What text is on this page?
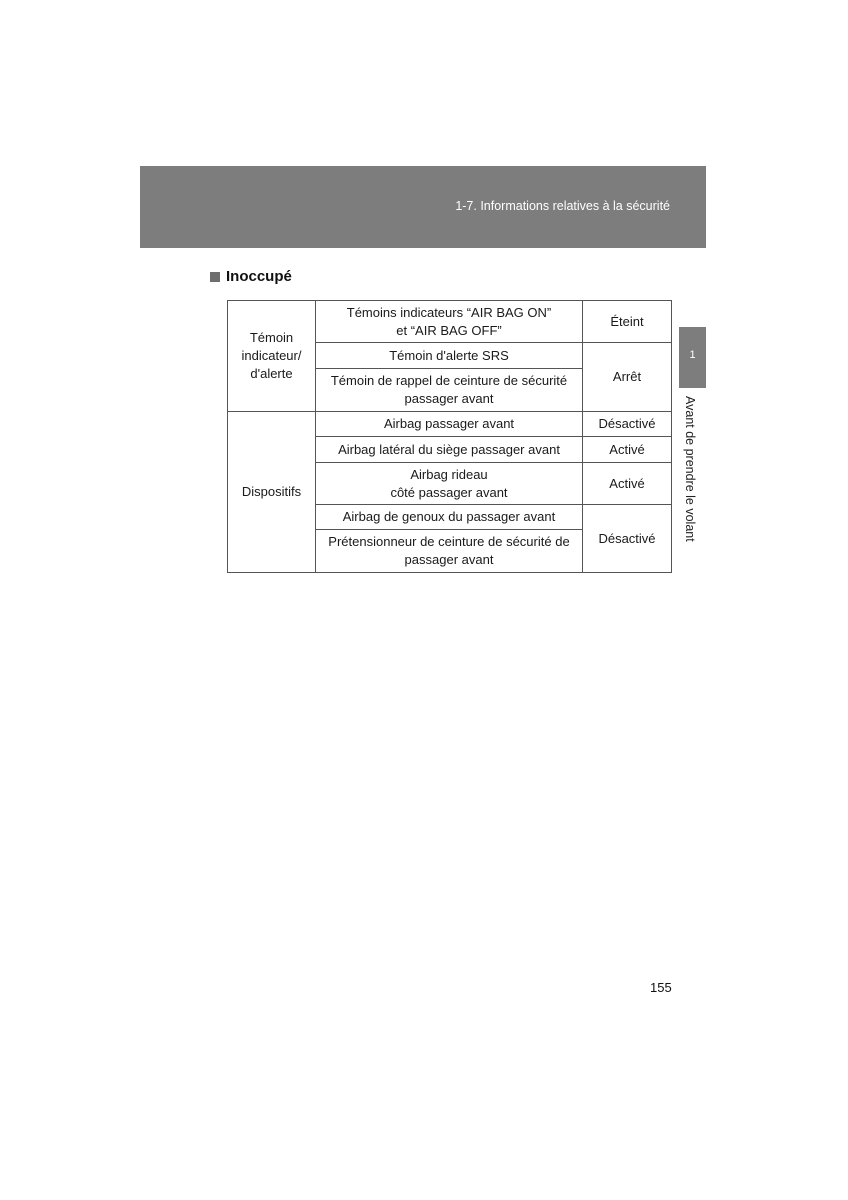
1-7. Informations relatives à la sécurité
Inoccupé
1
Avant de prendre le volant
Témoin
indicateur/
d'alerte	Témoins indicateurs “AIR BAG ON”
et “AIR BAG OFF”	Éteint
	Témoin d'alerte SRS	Arrêt
	Témoin de rappel de ceinture de sécurité
passager avant	
Dispositifs	Airbag passager avant	Désactivé
	Airbag latéral du siège passager avant	Activé
	Airbag rideau
côté passager avant	Activé
	Airbag de genoux du passager avant	Désactivé
	Prétensionneur de ceinture de sécurité de
passager avant	
155
